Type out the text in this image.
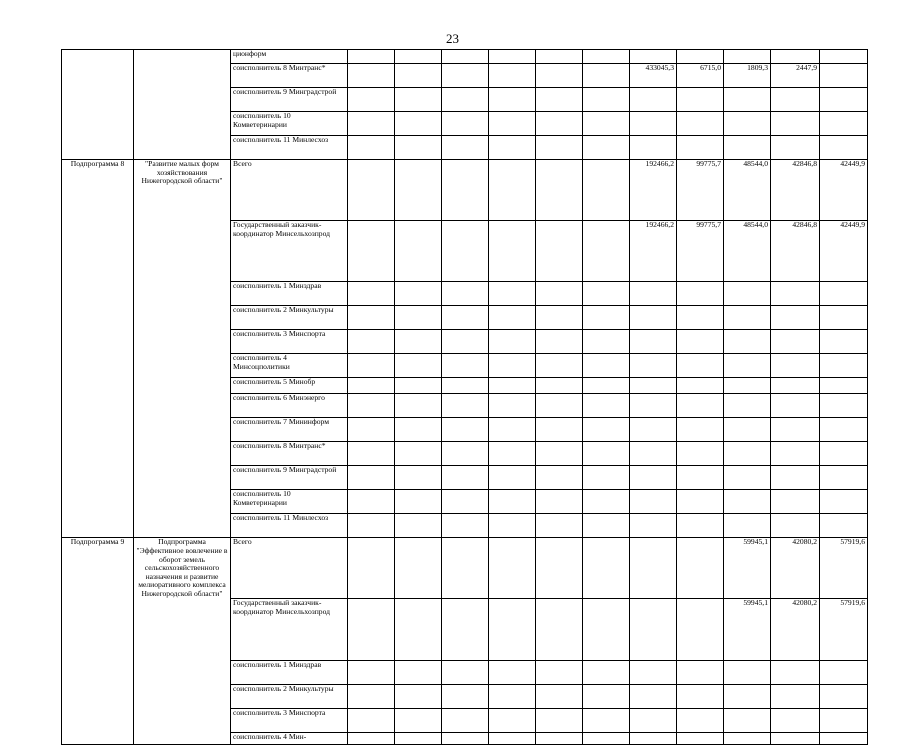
23
		ционформ												
		соисполнитель 8 Минтранс*							433045,3	6715,0	1809,3	2447,9		
		соисполнитель 9 Минградстрой												
		соисполнитель 10 Комветеринарии												
		соисполнитель 11 Минлесхоз												
Подпрограмма 8	"Развитие малых форм хозяйствования Нижегородской области"	Всего							192466,2	99775,7	48544,0	42846,8	42449,9	
		Государственный заказчик-координатор Минсельхозпрод							192466,2	99775,7	48544,0	42846,8	42449,9	
		соисполнитель 1 Минздрав												
		соисполнитель 2 Минкультуры												
		соисполнитель 3 Минспорта												
		соисполнитель 4 Минсоцполитики												
		соисполнитель 5 Минобр												
		соисполнитель 6 Минэнерго												
		соисполнитель 7 Мининформ												
		соисполнитель 8 Минтранс*												
		соисполнитель 9 Минградстрой												
		соисполнитель 10 Комветеринарии												
		соисполнитель 11 Минлесхоз												
Подпрограмма 9	Подпрограмма "Эффективное вовлечение в оборот земель сельскохозяйственного назначения и развитие мелиоративного комплекса Нижегородской области"	Всего									59945,1	42080,2	57919,6	
		Государственный заказчик-координатор Минсельхозпрод									59945,1	42080,2	57919,6	
		соисполнитель 1 Минздрав												
		соисполнитель 2 Минкультуры												
		соисполнитель 3 Минспорта												
		соисполнитель 4 Мин-												
